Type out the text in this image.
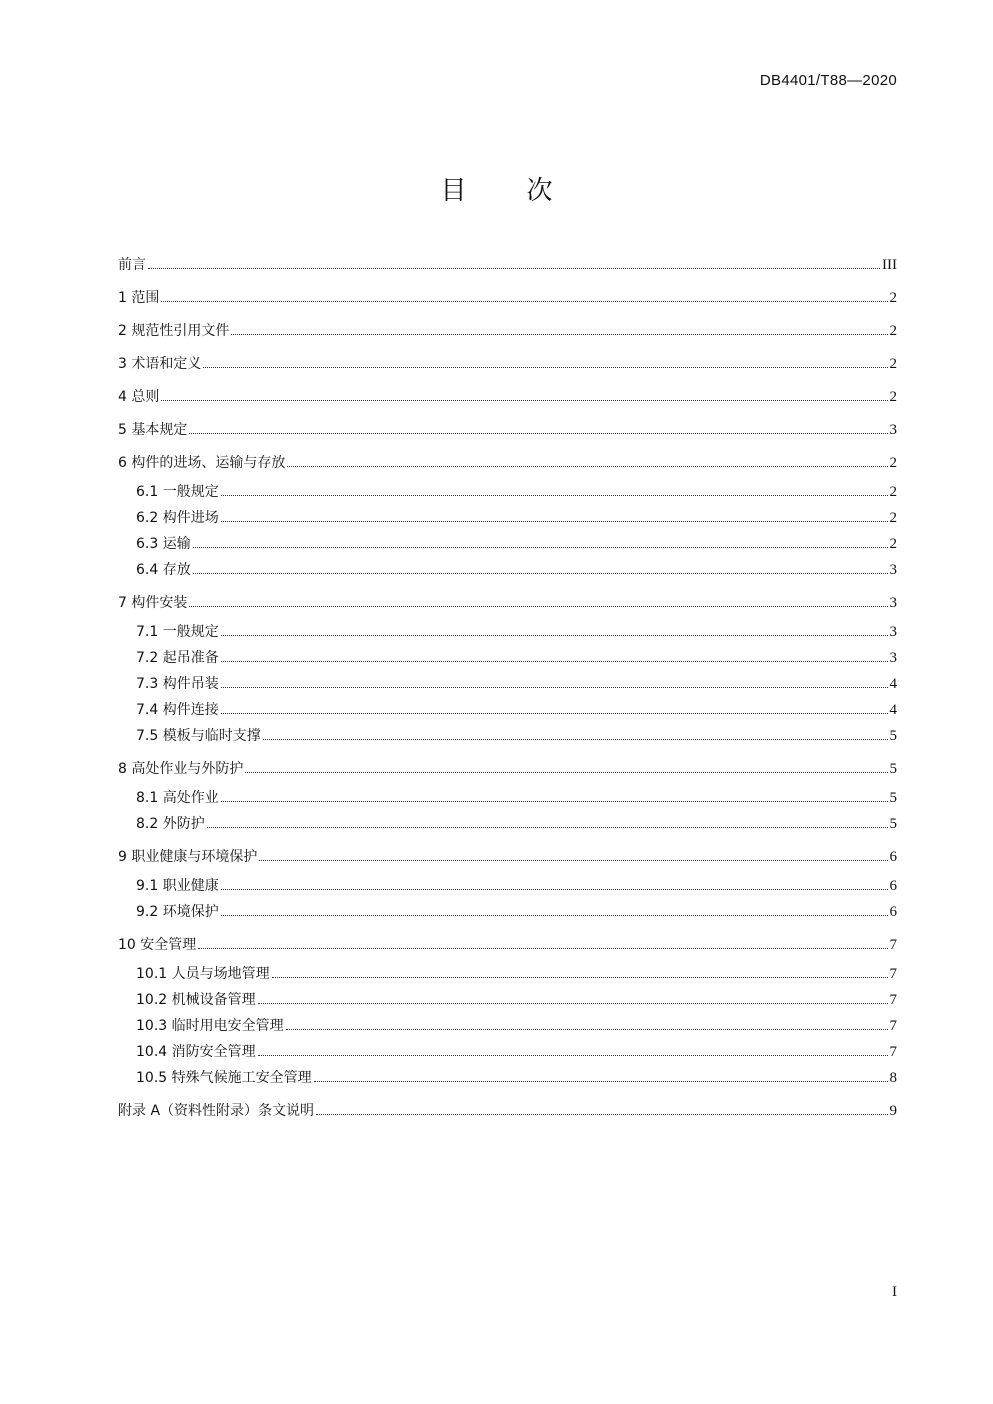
DB4401/T88—2020
目 次
前言	III
1 范围	2
2 规范性引用文件	2
3 术语和定义	2
4 总则	2
5 基本规定	3
6 构件的进场、运输与存放	2
6.1 一般规定	2
6.2 构件进场	2
6.3 运输	2
6.4 存放	3
7 构件安装	3
7.1 一般规定	3
7.2 起吊准备	3
7.3 构件吊装	4
7.4 构件连接	4
7.5 模板与临时支撑	5
8 高处作业与外防护	5
8.1 高处作业	5
8.2 外防护	5
9 职业健康与环境保护	6
9.1 职业健康	6
9.2 环境保护	6
10 安全管理	7
10.1 人员与场地管理	7
10.2 机械设备管理	7
10.3 临时用电安全管理	7
10.4 消防安全管理	7
10.5 特殊气候施工安全管理	8
附录 A（资料性附录）条文说明	9
I
